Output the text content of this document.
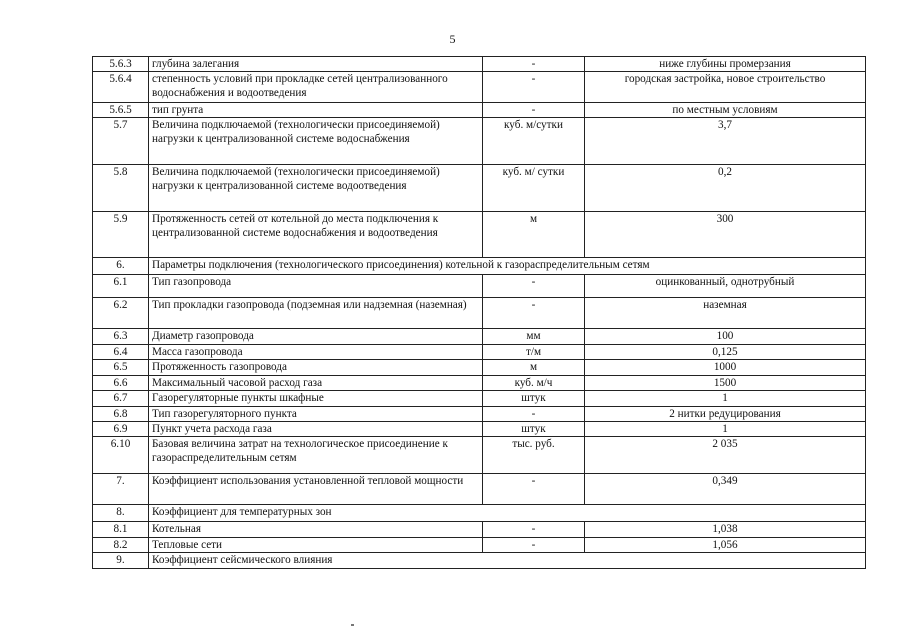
5
5.6.3	глубина залегания	-	ниже глубины промерзания
5.6.4	степенность условий при прокладке сетей централизованного водоснабжения и водоотведения	-	городская застройка, новое строительство
5.6.5	тип грунта	-	по местным условиям
5.7	Величина подключаемой (технологически присоединяемой) нагрузки к централизованной системе водоснабжения	куб. м/сутки	3,7
5.8	Величина подключаемой (технологически присоединяемой) нагрузки к централизованной системе водоотведения	куб. м/ сутки	0,2
5.9	Протяженность сетей от котельной до места подключения к централизованной системе водоснабжения и водоотведения	м	300
6.	Параметры подключения (технологического присоединения) котельной к газораспределительным сетям		
6.1	Тип газопровода	-	оцинкованный, однотрубный
6.2	Тип прокладки газопровода (подземная или надземная (наземная)	-	наземная
6.3	Диаметр газопровода	мм	100
6.4	Масса газопровода	т/м	0,125
6.5	Протяженность газопровода	м	1000
6.6	Максимальный часовой расход газа	куб. м/ч	1500
6.7	Газорегуляторные пункты шкафные	штук	1
6.8	Тип газорегуляторного пункта	-	2 нитки редуцирования
6.9	Пункт учета расхода газа	штук	1
6.10	Базовая величина затрат на технологическое присоединение к газораспределительным сетям	тыс. руб.	2 035
7.	Коэффициент использования установленной тепловой мощности	-	0,349
8.	Коэффициент для температурных зон		
8.1	Котельная	-	1,038
8.2	Тепловые сети	-	1,056
9.	Коэффициент сейсмического влияния		
